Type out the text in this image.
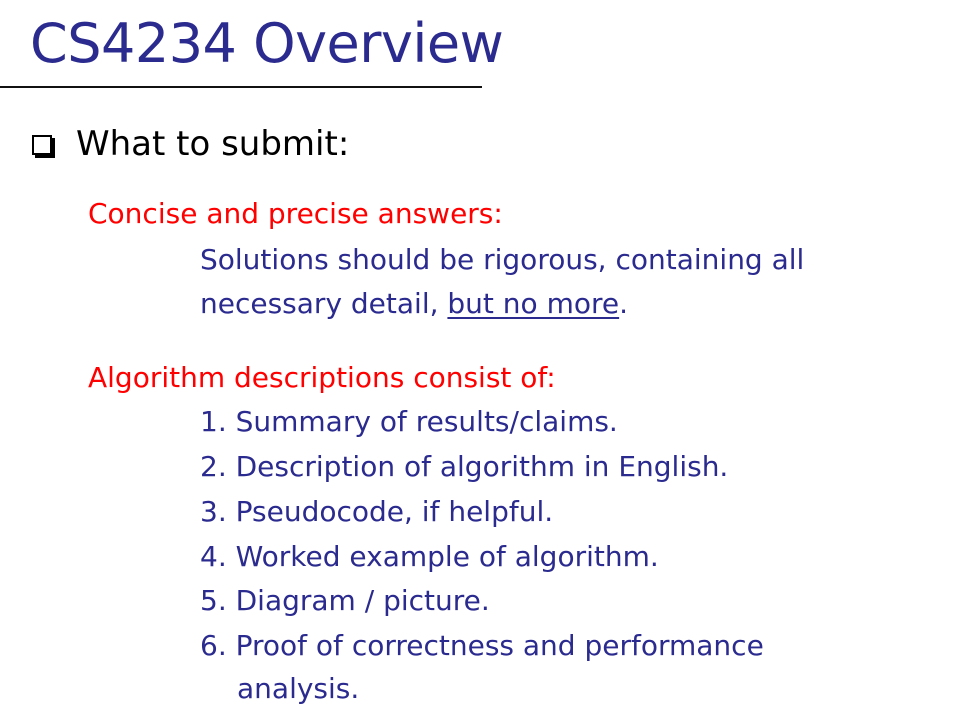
CS4234 Overview
What to submit:
Concise and precise answers:
Solutions should be rigorous, containing all
necessary detail, but no more.
Algorithm descriptions consist of:
1. Summary of results/claims.
2. Description of algorithm in English.
3. Pseudocode, if helpful.
4. Worked example of algorithm.
5. Diagram / picture.
6. Proof of correctness and performance
analysis.
